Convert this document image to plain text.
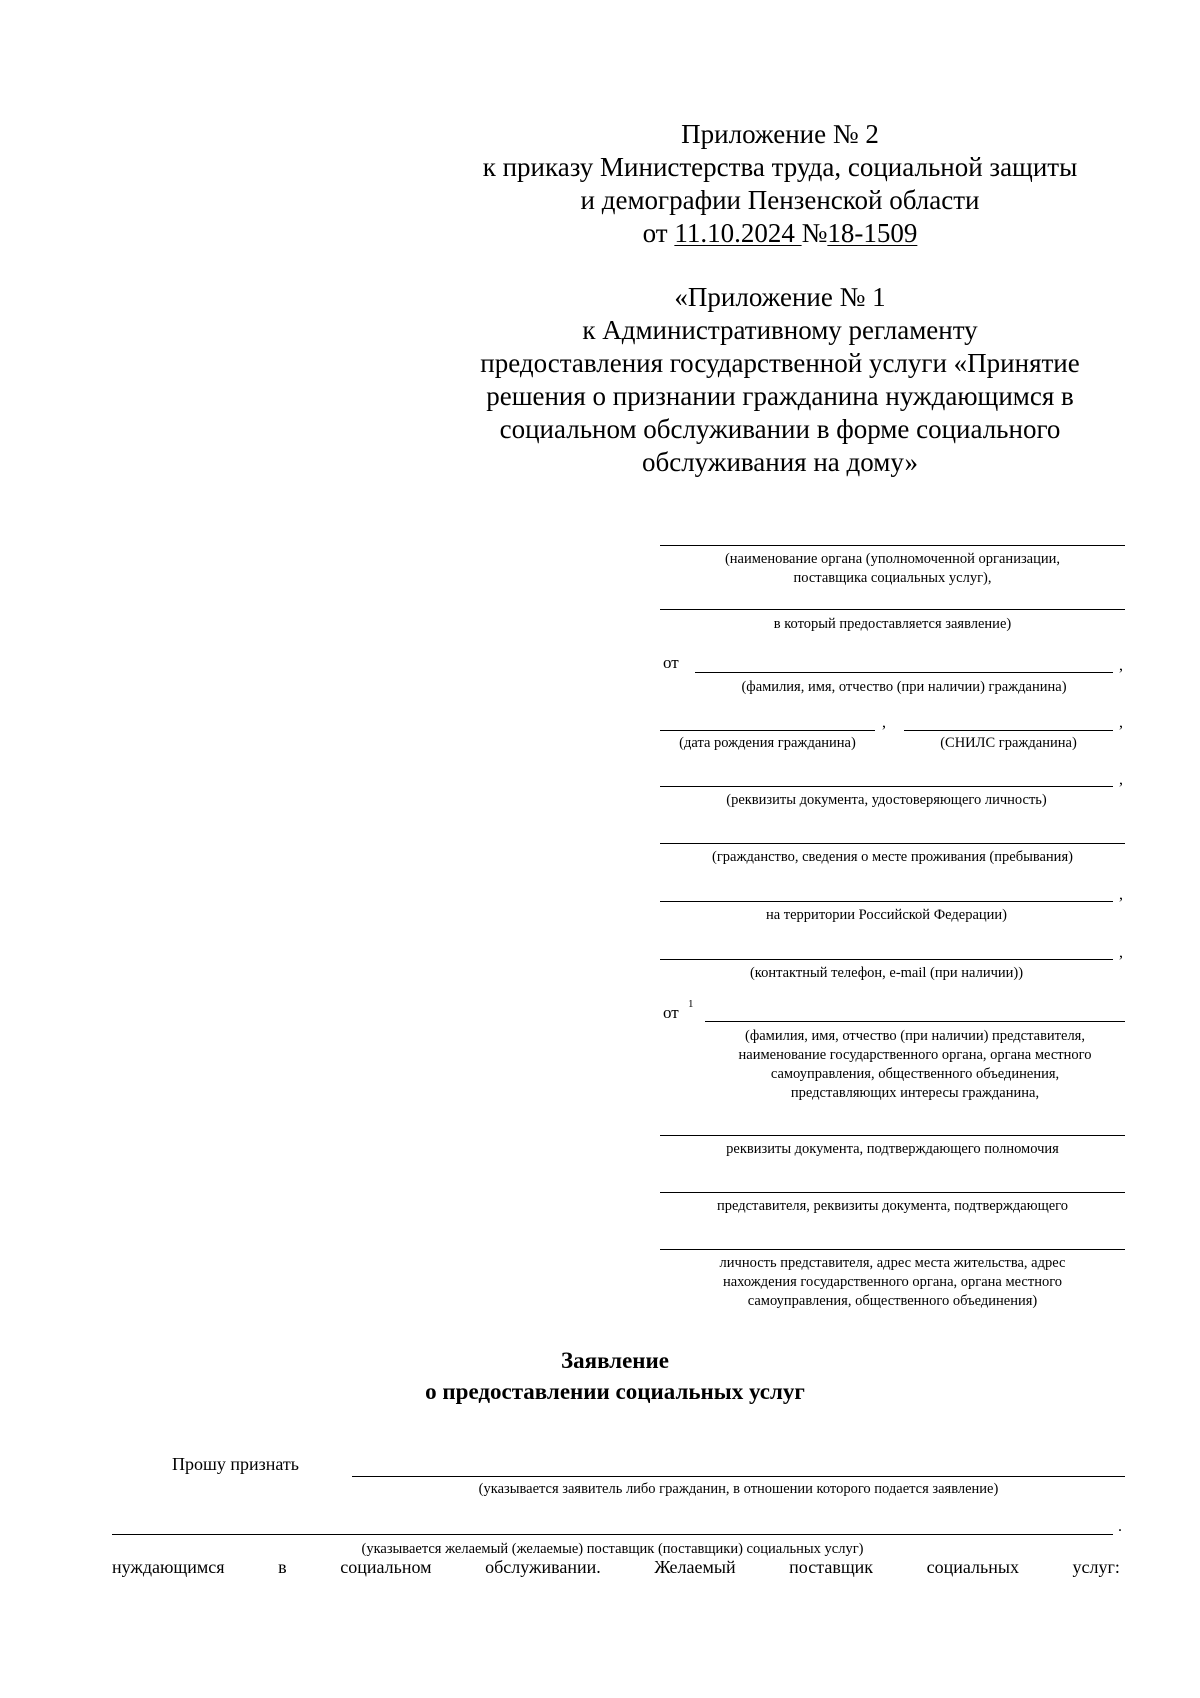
Приложение № 2
к приказу Министерства труда, социальной защиты
и демографии Пензенской области
от 11.10.2024 №18-1509
«Приложение № 1
к Административному регламенту
предоставления государственной услуги «Принятие
решения о признании гражданина нуждающимся в
социальном обслуживании в форме социального
обслуживания на дому»
(наименование органа (уполномоченной организации,
поставщика социальных услуг),
в который предоставляется заявление)
от	,
(фамилия, имя, отчество (при наличии) гражданина)
,	,
(дата рождения гражданина)	(СНИЛС гражданина)
,
(реквизиты документа, удостоверяющего личность)
(гражданство, сведения о месте проживания (пребывания)
,
на территории Российской Федерации)
,
(контактный телефон, e-mail (при наличии))
от 1
(фамилия, имя, отчество (при наличии) представителя,
наименование государственного органа, органа местного
самоуправления, общественного объединения,
представляющих интересы гражданина,
реквизиты документа, подтверждающего полномочия
представителя, реквизиты документа, подтверждающего
личность представителя, адрес места жительства, адрес
нахождения государственного органа, органа местного
самоуправления, общественного объединения)
Заявление
о предоставлении социальных услуг
Прошу признать
(указывается заявитель либо гражданин, в отношении которого подается заявление)
.
(указывается желаемый (желаемые) поставщик (поставщики) социальных услуг)
нуждающимся	в	социальном	обслуживании.	Желаемый	поставщик	социальных	услуг:
